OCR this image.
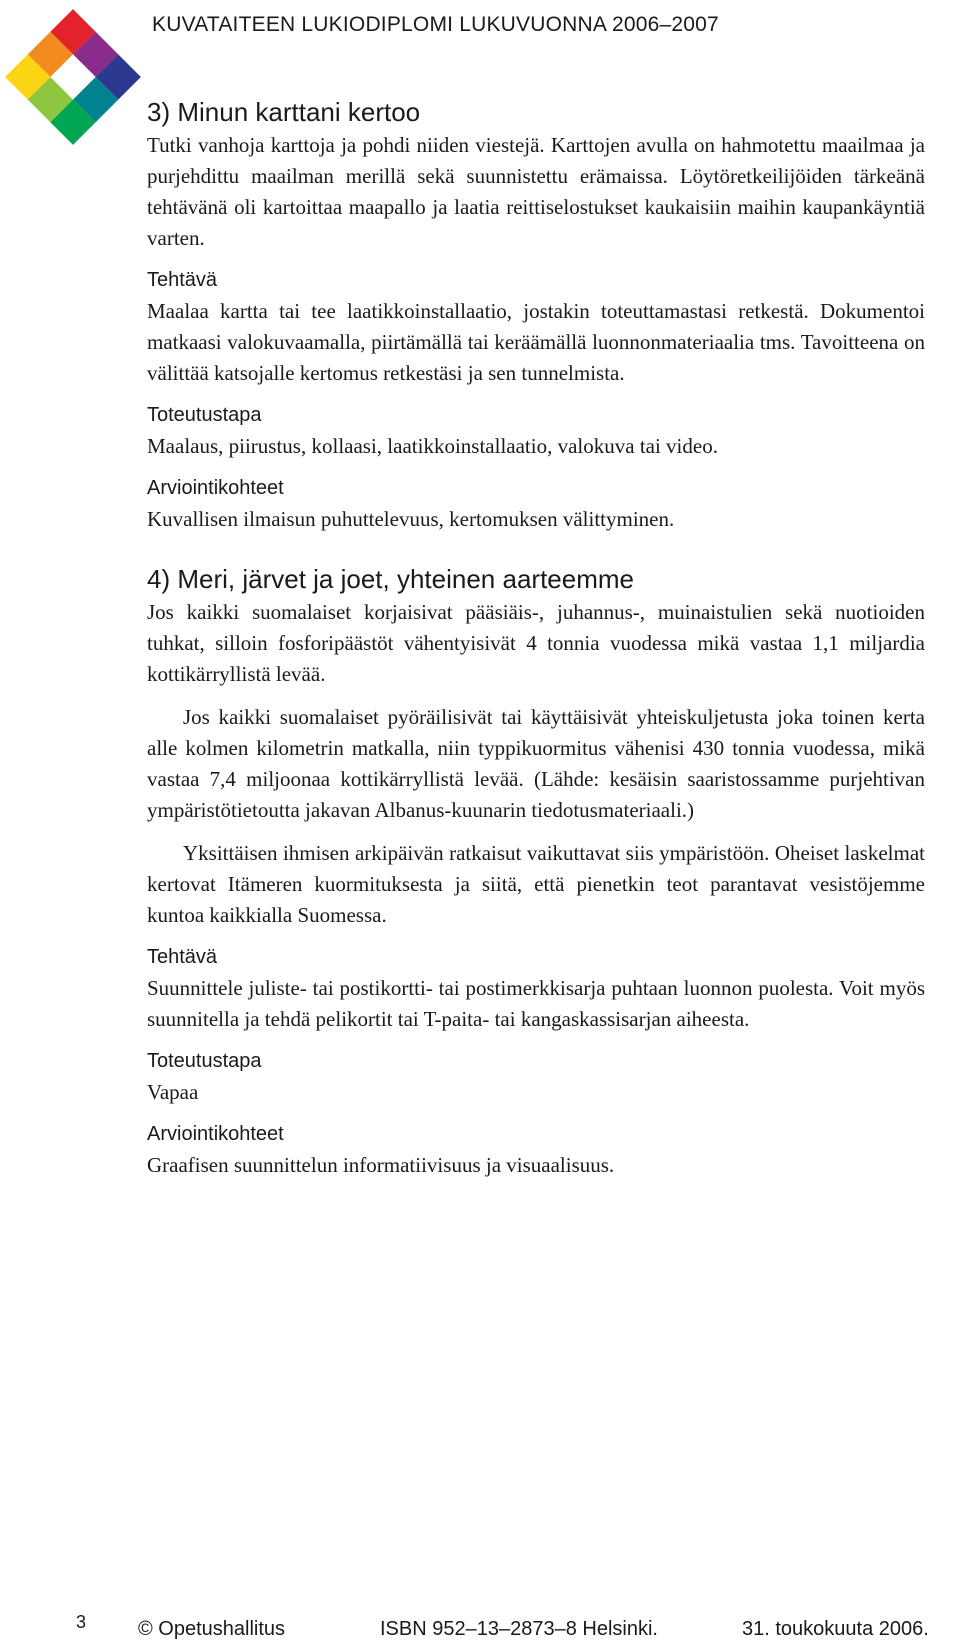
KUVATAITEEN LUKIODIPLOMI LUKUVUONNA 2006–2007
3) Minun karttani kertoo

Tutki vanhoja karttoja ja pohdi niiden viestejä. Karttojen avulla on hahmotettu maailmaa ja purjehdittu maailman merillä sekä suunnistettu erämaissa. Löytöretkeilijöiden tärkeänä tehtävänä oli kartoittaa maapallo ja laatia reittiselostukset kaukaisiin maihin kaupankäyntiä varten.

Tehtävä

Maalaa kartta tai tee laatikkoinstallaatio, jostakin toteuttamastasi retkestä. Dokumentoi matkaasi valokuvaamalla, piirtämällä tai keräämällä luonnonmateriaalia tms. Tavoitteena on välittää katsojalle kertomus retkestäsi ja sen tunnelmista.

Toteutustapa

Maalaus, piirustus, kollaasi, laatikkoinstallaatio, valokuva tai video.

Arviointikohteet

Kuvallisen ilmaisun puhuttelevuus, kertomuksen välittyminen.

4) Meri, järvet ja joet, yhteinen aarteemme

Jos kaikki suomalaiset korjaisivat pääsiäis-, juhannus-, muinaistulien sekä nuotioiden tuhkat, silloin fosforipäästöt vähentyisivät 4 tonnia vuodessa mikä vastaa 1,1 miljardia kottikärryllistä levää.

Jos kaikki suomalaiset pyöräilisivät tai käyttäisivät yhteiskuljetusta joka toinen kerta alle kolmen kilometrin matkalla, niin typpikuormitus vähenisi 430 tonnia vuodessa, mikä vastaa 7,4 miljoonaa kottikärryllistä levää. (Lähde: kesäisin saaristossamme purjehtivan ympäristötietoutta jakavan Albanus-kuunarin tiedotusmateriaali.)

Yksittäisen ihmisen arkipäivän ratkaisut vaikuttavat siis ympäristöön. Oheiset laskelmat kertovat Itämeren kuormituksesta ja siitä, että pienetkin teot parantavat vesistöjemme kuntoa kaikkialla Suomessa.

Tehtävä

Suunnittele juliste- tai postikortti- tai postimerkkisarja puhtaan luonnon puolesta. Voit myös suunnitella ja tehdä pelikortit tai T-paita- tai kangaskassisarjan aiheesta.

Toteutustapa

Vapaa

Arviointikohteet

Graafisen suunnittelun informatiivisuus ja visuaalisuus.

3	© Opetushallitus	ISBN 952–13–2873–8 Helsinki.	31. toukokuuta 2006.
